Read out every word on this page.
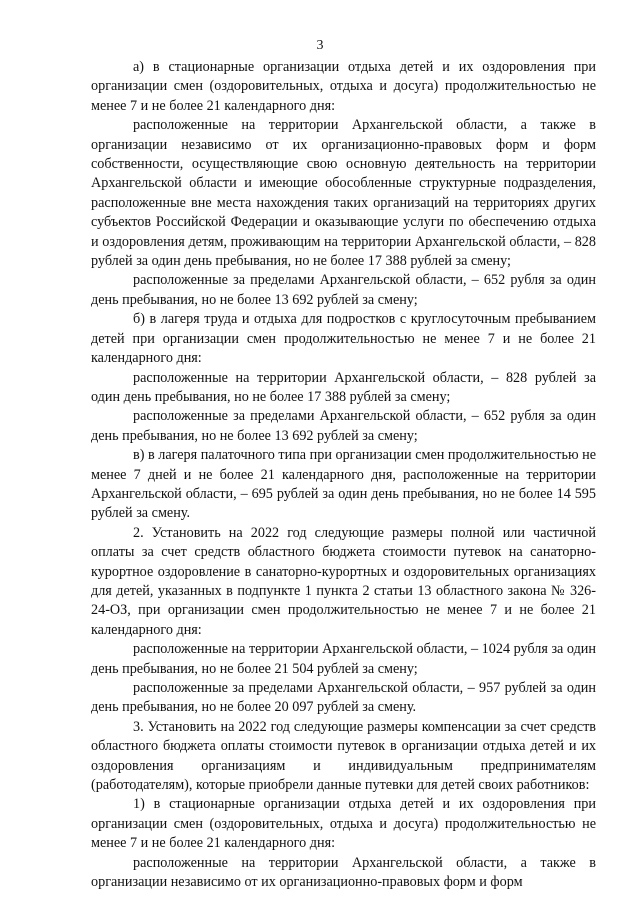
3

а) в стационарные организации отдыха детей и их оздоровления при организации смен (оздоровительных, отдыха и досуга) продолжительностью не менее 7 и не более 21 календарного дня:

расположенные на территории Архангельской области, а также в организации независимо от их организационно-правовых форм и форм собственности, осуществляющие свою основную деятельность на территории Архангельской области и имеющие обособленные структурные подразделения, расположенные вне места нахождения таких организаций на территориях других субъектов Российской Федерации и оказывающие услуги по обеспечению отдыха и оздоровления детям, проживающим на территории Архангельской области, – 828 рублей за один день пребывания, но не более 17 388 рублей за смену;

расположенные за пределами Архангельской области, – 652 рубля за один день пребывания, но не более 13 692 рублей за смену;

б) в лагеря труда и отдыха для подростков с круглосуточным пребыванием детей при организации смен продолжительностью не менее 7 и не более 21 календарного дня:

расположенные на территории Архангельской области, – 828 рублей за один день пребывания, но не более 17 388 рублей за смену;

расположенные за пределами Архангельской области, – 652 рубля за один день пребывания, но не более 13 692 рублей за смену;

в) в лагеря палаточного типа при организации смен продолжительностью не менее 7 дней и не более 21 календарного дня, расположенные на территории Архангельской области, – 695 рублей за один день пребывания, но не более 14 595 рублей за смену.

2. Установить на 2022 год следующие размеры полной или частичной оплаты за счет средств областного бюджета стоимости путевок на санаторно-курортное оздоровление в санаторно-курортных и оздоровительных организациях для детей, указанных в подпункте 1 пункта 2 статьи 13 областного закона № 326-24-ОЗ, при организации смен продолжительностью не менее 7 и не более 21 календарного дня:

расположенные на территории Архангельской области, – 1024 рубля за один день пребывания, но не более 21 504 рублей за смену;

расположенные за пределами Архангельской области, – 957 рублей за один день пребывания, но не более 20 097 рублей за смену.

3. Установить на 2022 год следующие размеры компенсации за счет средств областного бюджета оплаты стоимости путевок в организации отдыха детей и их оздоровления организациям и индивидуальным предпринимателям (работодателям), которые приобрели данные путевки для детей своих работников:

1) в стационарные организации отдыха детей и их оздоровления при организации смен (оздоровительных, отдыха и досуга) продолжительностью не менее 7 и не более 21 календарного дня:

расположенные на территории Архангельской области, а также в организации независимо от их организационно-правовых форм и форм
